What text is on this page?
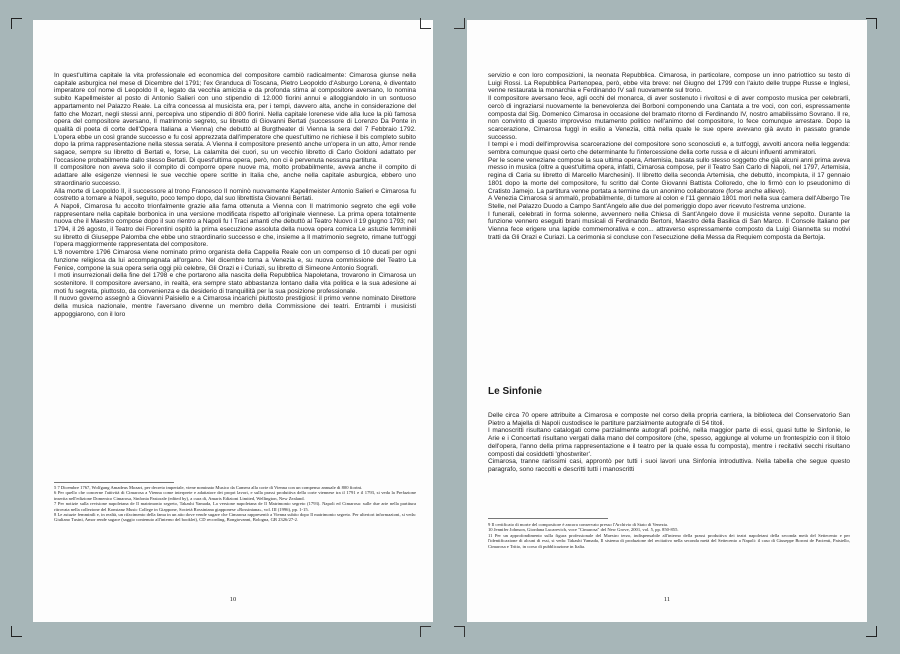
In quest'ultima capitale la vita professionale ed economica del compositore cambiò radicalmente: Cimarosa giunse nella capitale asburgica nel mese di Dicembre del 1791; l'ex Granduca di Toscana, Pietro Leopoldo d'Asburgo Lorena, è diventato imperatore col nome di Leopoldo II e, legato da vecchia amicizia e da profonda stima al compositore aversano, lo nomina subito Kapellmeister al posto di Antonio Salieri con uno stipendio di 12.000 fiorini annui e alloggiandolo in un sontuoso appartamento nel Palazzo Reale. La cifra concessa al musicista era, per i tempi, davvero alta, anche in considerazione del fatto che Mozart, negli stessi anni, percepiva uno stipendio di 800 fiorini. Nella capitale lorenese vide alla luce la più famosa opera del compositore aversano, Il matrimonio segreto, su libretto di Giovanni Bertati (successore di Lorenzo Da Ponte in qualità di poeta di corte dell'Opera Italiana a Vienna) che debuttò al Burgtheater di Vienna la sera del 7 Febbraio 1792. L'opera ebbe un così grande successo e fu così apprezzata dall'imperatore che quest'ultimo ne richiese il bis completo subito dopo la prima rappresentazione nella stessa serata. A Vienna il compositore presentò anche un'opera in un atto, Amor rende sagace, sempre su libretto di Bertati e, forse, La calamita dei cuori, su un vecchio libretto di Carlo Goldoni adattato per l'occasione probabilmente dallo stesso Bertati. Di quest'ultima opera, però, non ci è pervenuta nessuna partitura.

Il compositore non aveva solo il compito di comporre opere nuove ma, molto probabilmente, aveva anche il compito di adattare alle esigenze viennesi le sue vecchie opere scritte in Italia che, anche nella capitale asburgica, ebbero uno straordinario successo.

Alla morte di Leopoldo II, il successore al trono Francesco II nominò nuovamente Kapellmeister Antonio Salieri e Cimarosa fu costretto a tornare a Napoli, seguito, poco tempo dopo, dal suo librettista Giovanni Bertati.

A Napoli, Cimarosa fu accolto trionfalmente grazie alla fama ottenuta a Vienna con Il matrimonio segreto che egli volle rappresentare nella capitale borbonica in una versione modificata rispetto all'originale viennese. La prima opera totalmente nuova che il Maestro compose dopo il suo rientro a Napoli fu I Traci amanti che debuttò al Teatro Nuovo il 19 giugno 1793; nel 1794, il 26 agosto, il Teatro dei Fiorentini ospitò la prima esecuzione assoluta della nuova opera comica Le astuzie femminili su libretto di Giuseppe Palomba che ebbe uno straordinario successo e che, insieme a Il matrimonio segreto, rimane tutt'oggi l'opera maggiormente rappresentata del compositore.

L'8 novembre 1796 Cimarosa viene nominato primo organista della Cappella Reale con un compenso di 10 ducati per ogni funzione religiosa da lui accompagnata all'organo. Nel dicembre torna a Venezia e, su nuova commissione del Teatro La Fenice, compone la sua opera seria oggi più celebre, Gli Orazi e i Curiazi, su libretto di Simeone Antonio Sografi.

I moti insurrezionali della fine del 1798 e che portarono alla nascita della Repubblica Napoletana, trovarono in Cimarosa un sostenitore. Il compositore aversano, in realtà, era sempre stato abbastanza lontano dalla vita politica e la sua adesione ai moti fu segreta, piuttosto, da convenienza e da desiderio di tranquillità per la sua posizione professionale.

Il nuovo governo assegnò a Giovanni Paisiello e a Cimarosa incarichi piuttosto prestigiosi: il primo venne nominato Direttore della musica nazionale, mentre l'aversano divenne un membro della Commissione dei teatri. Entrambi i musicisti appoggiarono, con il loro

5 7 Dicembre 1767, Wolfgang Amadeus Mozart, per decreto imperiale, viene nominato Musico da Camera alla corte di Vienna con un compenso annuale di 800 fiorini.

6 Per quello che concerne l'attività di Cimarosa a Vienna come interprete e adattatore dei propri lavori, e sulla prassi produttiva della corte viennese tra il 1791 e il 1793, si veda la Prefazione inserita nell'edizione Domenico Cimarosa, Sinfonia Pastorale (edited by), a cura di, Amaris Edizioni Limited, Wellington, New Zealand.

7 Per notizie sulla revisione napoletana de Il matrimonio segreto, Takashi Yamada, La versione napoletana de Il Matrimonio segreto (1793). Napoli ed Cimarosa: sulle due arie nella partitura ritrovata nella collezione del Konstanz Music College in Giappone, Società Rossiniana giapponese «Rossiniana», vol. III (1996), pp. 1-15.

8 Le astuzie femminili e, in realtà, un rifacimento della fama in un atto dove vende sugare che Cimarosa rappresentò a Vienna subito dopo Il matrimonio segreto. Per ulteriori informazioni, si veda: Giuliano Tusini, Amor rende sagace (saggio contenuto all'interno del booklet), CD recording, Bongiovanni, Bologna, GB 2326/27-2.

10

servizio e con loro composizioni, la neonata Repubblica. Cimarosa, in particolare, compose un inno patriottico su testo di Luigi Rossi. La Repubblica Partenopea, però, ebbe vita breve: nel Giugno del 1799 con l'aiuto delle truppe Russe e Inglesi, venne restaurata la monarchia e Ferdinando IV salì nuovamente sul trono.

Il compositore aversano fece, agli occhi del monarca, di aver sostenuto i rivoltosi e di aver composto musica per celebrarli, cercò di ingraziarsi nuovamente la benevolenza dei Borboni componendo una Cantata a tre voci, con cori, espressamente composta dal Sig. Domenico Cimarosa in occasione del bramato ritorno di Ferdinando IV, nostro amabilissimo Sovrano. Il re, non convinto di questo improvviso mutamento politico nell'animo del compositore, lo fece comunque arrestare. Dopo la scarcerazione, Cimarosa fuggì in esilio a Venezia, città nella quale le sue opere avevano già avuto in passato grande successo.

I tempi e i modi dell'improvvisa scarcerazione del compositore sono sconosciuti e, a tutt'oggi, avvolti ancora nella leggenda: sembra comunque quasi certo che determinante fu l'intercessione della corte russa e di alcuni influenti ammiratori.

Per le scene veneziane compose la sua ultima opera, Artemisia, basata sullo stesso soggetto che già alcuni anni prima aveva messo in musica (oltre a quest'ultima opera, infatti, Cimarosa compose, per il Teatro San Carlo di Napoli, nel 1797, Artemisia, regina di Caria su libretto di Marcello Marchesini). Il libretto della seconda Artemisia, che debuttò, incompiuta, il 17 gennaio 1801 dopo la morte del compositore, fu scritto dal Conte Giovanni Battista Colloredo, che lo firmò con lo pseudonimo di Cratisto Jamejo. La partitura venne portata a termine da un anonimo collaboratore (forse anche allievo).

A Venezia Cimarosa si ammalò, probabilmente, di tumore al colon e l'11 gennaio 1801 morì nella sua camera dell'Albergo Tre Stelle, nel Palazzo Duodo a Campo Sant'Angelo alle due del pomeriggio dopo aver ricevuto l'estrema unzione.

I funerali, celebrati in forma solenne, avvennero nella Chiesa di Sant'Angelo dove il musicista venne sepolto. Durante la funzione vennero eseguiti brani musicali di Ferdinando Bertoni, Maestro della Basilica di San Marco. Il Console Italiano per Vienna fece erigere una lapide commemorativa e con... attraverso espressamente composto da Luigi Giannetta su motivi tratti da Gli Orazi e Curiazi. La cerimonia si concluse con l'esecuzione della Messa da Requiem composta da Bertoja.

Le Sinfonie

Delle circa 70 opere attribuite a Cimarosa e composte nel corso della propria carriera, la biblioteca del Conservatorio San Pietro a Majella di Napoli custodisce le partiture parzialmente autografe di 54 titoli.

I manoscritti risultano catalogati come parzialmente autografi poiché, nella maggior parte di essi, quasi tutte le Sinfonie, le Arie e i Concertati risultano vergati dalla mano del compositore (che, spesso, aggiunge al volume un frontespizio con il titolo dell'opera, l'anno della prima rappresentazione e il teatro per la quale essa fu composta), mentre i recitativi secchi risultano composti dai cosiddetti 'ghostwriter'.

Cimarosa, tranne rarissimi casi, approntò per tutti i suoi lavori una Sinfonia introduttiva. Nella tabella che segue questo paragrafo, sono raccolti e descritti tutti i manoscritti

9 Il certificato di morte del compositore è ancora conservato presso l'Archivio di Stato di Venezia.

10 Jennifer Johnson, Giordana Lucarevich, voce "Cimarosa" del New Grove, 2001, vol. 5, pp. 850-855.

11 Per un approfondimento sulla figura professionale del Maestro terzo, indispensabile all'interno della prassi produttiva dei teatri napoletani della seconda metà del Settecento e per l'identificazione di alcuni di essi, si veda: Takashi Yamada, Il sistema di produzione del recitativo nella seconda metà del Settecento a Napoli: il caso di Giuseppe Boroni de Pacienti, Paisiello, Cimarosa e Tritto, in corso di pubblicazione in Italia.

11
